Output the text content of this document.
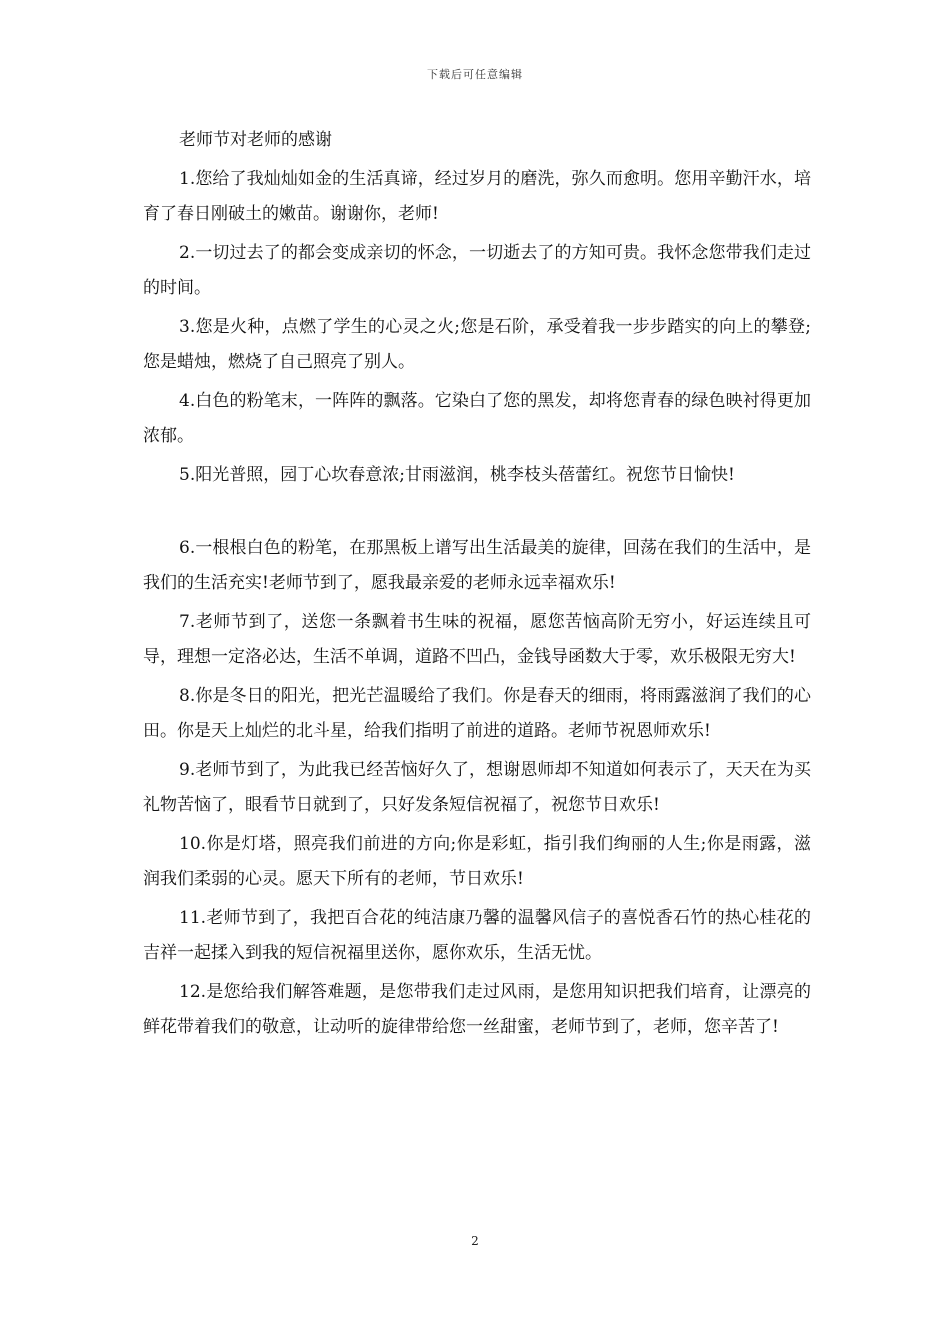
下载后可任意编辑

老师节对老师的感谢

1.您给了我灿灿如金的生活真谛，经过岁月的磨洗，弥久而愈明。您用辛勤汗水，培育了春日刚破土的嫩苗。谢谢你，老师!

2.一切过去了的都会变成亲切的怀念，一切逝去了的方知可贵。我怀念您带我们走过的时间。

3.您是火种，点燃了学生的心灵之火;您是石阶，承受着我一步步踏实的向上的攀登;您是蜡烛，燃烧了自己照亮了别人。

4.白色的粉笔末，一阵阵的飘落。它染白了您的黑发，却将您青春的绿色映衬得更加浓郁。

5.阳光普照，园丁心坎春意浓;甘雨滋润，桃李枝头蓓蕾红。祝您节日愉快!

6.一根根白色的粉笔，在那黑板上谱写出生活最美的旋律，回荡在我们的生活中，是我们的生活充实!老师节到了，愿我最亲爱的老师永远幸福欢乐!

7.老师节到了，送您一条飘着书生味的祝福，愿您苦恼高阶无穷小，好运连续且可导，理想一定洛必达，生活不单调，道路不凹凸，金钱导函数大于零，欢乐极限无穷大!

8.你是冬日的阳光，把光芒温暖给了我们。你是春天的细雨，将雨露滋润了我们的心田。你是天上灿烂的北斗星，给我们指明了前进的道路。老师节祝恩师欢乐!

9.老师节到了，为此我已经苦恼好久了，想谢恩师却不知道如何表示了，天天在为买礼物苦恼了，眼看节日就到了，只好发条短信祝福了，祝您节日欢乐!

10.你是灯塔，照亮我们前进的方向;你是彩虹，指引我们绚丽的人生;你是雨露，滋润我们柔弱的心灵。愿天下所有的老师，节日欢乐!

11.老师节到了，我把百合花的纯洁康乃馨的温馨风信子的喜悦香石竹的热心桂花的吉祥一起揉入到我的短信祝福里送你，愿你欢乐，生活无忧。

12.是您给我们解答难题，是您带我们走过风雨，是您用知识把我们培育，让漂亮的鲜花带着我们的敬意，让动听的旋律带给您一丝甜蜜，老师节到了，老师，您辛苦了!

2
